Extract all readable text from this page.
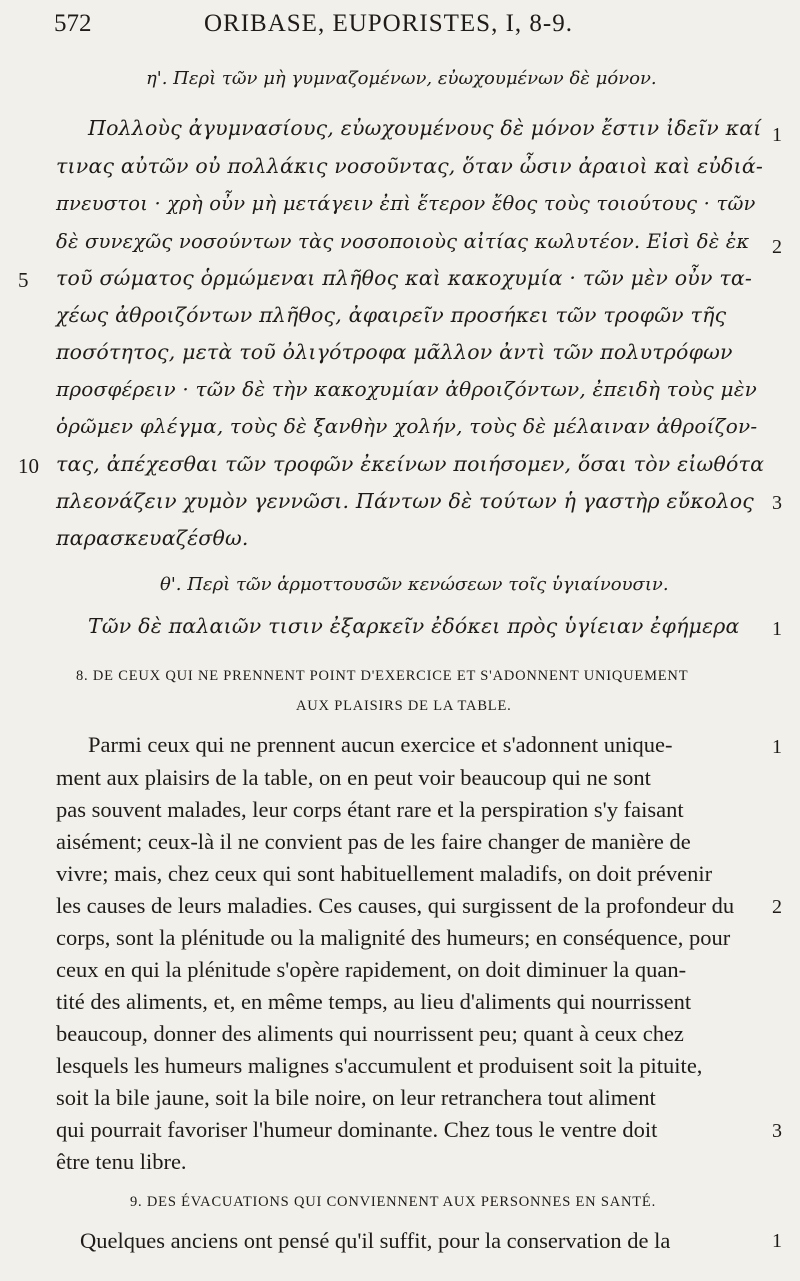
572	ORIBASE, EUPORISTES, I, 8-9.
η'. Περὶ τῶν μὴ γυμναζομένων, εὐωχουμένων δὲ μόνον.
Πολλοὺς ἀγυμνασίους, εὐωχουμένους δὲ μόνον ἔστιν ἰδεῖν καί 1
τινας αὐτῶν οὐ πολλάκις νοσοῦντας, ὅταν ὦσιν ἀραιοὶ καὶ εὐδιά-
πνευστοι · χρὴ οὖν μὴ μετάγειν ἐπὶ ἕτερον ἔθος τοὺς τοιούτους · τῶν
δὲ συνεχῶς νοσούντων τὰς νοσοποιοὺς αἰτίας κωλυτέον. Εἰσὶ δὲ ἐκ 2
5 τοῦ σώματος ὁρμώμεναι πλῆθος καὶ κακοχυμία · τῶν μὲν οὖν τα-
χέως ἀθροιζόντων πλῆθος, ἀφαιρεῖν προσήκει τῶν τροφῶν τῆς
ποσότητος, μετὰ τοῦ ὀλιγότροφα μᾶλλον ἀντὶ τῶν πολυτρόφων
προσφέρειν · τῶν δὲ τὴν κακοχυμίαν ἀθροιζόντων, ἐπειδὴ τοὺς μὲν
ὁρῶμεν φλέγμα, τοὺς δὲ ξανθὴν χολήν, τοὺς δὲ μέλαιναν ἀθροίζον-
10 τας, ἀπέχεσθαι τῶν τροφῶν ἐκείνων ποιήσομεν, ὅσαι τὸν εἰωθότα
πλεονάζειν χυμὸν γεννῶσι. Πάντων δὲ τούτων ἡ γαστὴρ εὔκολος 3
παρασκευαζέσθω.
θ'. Περὶ τῶν ἁρμοττουσῶν κενώσεων τοῖς ὑγιαίνουσιν.
Τῶν δὲ παλαιῶν τισιν ἐξαρκεῖν ἐδόκει πρὸς ὑγίειαν ἐφήμερα 1
8. DE CEUX QUI NE PRENNENT POINT D'EXERCICE ET S'ADONNENT UNIQUEMENT
AUX PLAISIRS DE LA TABLE.
Parmi ceux qui ne prennent aucun exercice et s'adonnent unique-	1
ment aux plaisirs de la table, on en peut voir beaucoup qui ne sont
pas souvent malades, leur corps étant rare et la perspiration s'y faisant
aisément; ceux-là il ne convient pas de les faire changer de manière de
vivre; mais, chez ceux qui sont habituellement maladifs, on doit prévenir
les causes de leurs maladies. Ces causes, qui surgissent de la profondeur du 2
corps, sont la plénitude ou la malignité des humeurs; en conséquence, pour
ceux en qui la plénitude s'opère rapidement, on doit diminuer la quan-
tité des aliments, et, en même temps, au lieu d'aliments qui nourrissent
beaucoup, donner des aliments qui nourrissent peu; quant à ceux chez
lesquels les humeurs malignes s'accumulent et produisent soit la pituite,
soit la bile jaune, soit la bile noire, on leur retranchera tout aliment
qui pourrait favoriser l'humeur dominante. Chez tous le ventre doit	3
être tenu libre.
9. DES ÉVACUATIONS QUI CONVIENNENT AUX PERSONNES EN SANTÉ.
Quelques anciens ont pensé qu'il suffit, pour la conservation de la	1
